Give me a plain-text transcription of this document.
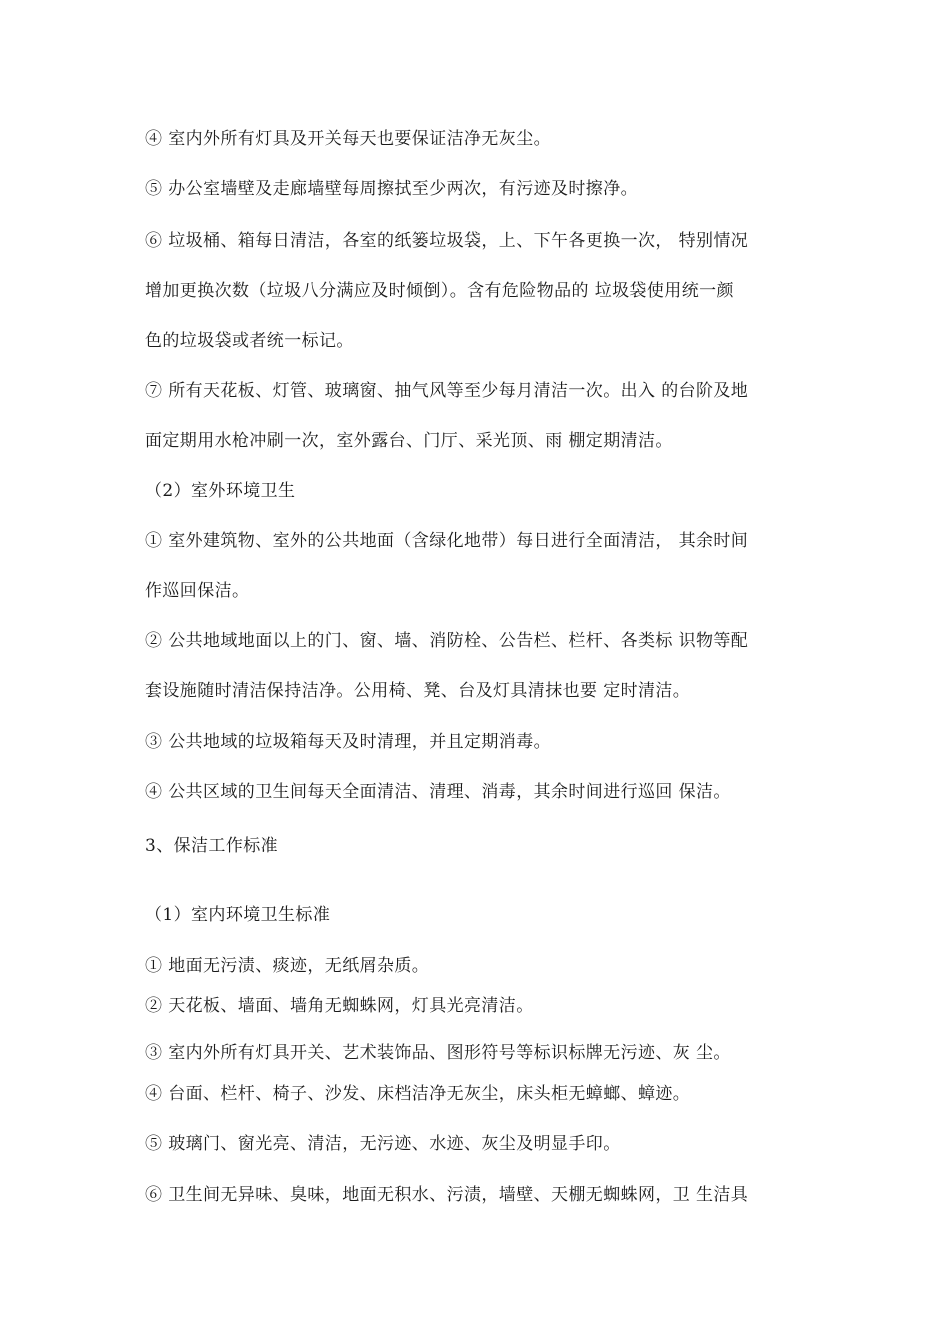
④ 室内外所有灯具及开关每天也要保证洁净无灰尘。
⑤ 办公室墙壁及走廊墙壁每周擦拭至少两次，有污迹及时擦净。
⑥ 垃圾桶、箱每日清洁，各室的纸篓垃圾袋，上、下午各更换一次， 特别情况
增加更换次数（垃圾八分满应及时倾倒）。含有危险物品的 垃圾袋使用统一颜
色的垃圾袋或者统一标记。
⑦ 所有天花板、灯管、玻璃窗、抽气风等至少每月清洁一次。出入 的台阶及地
面定期用水枪冲刷一次，室外露台、门厅、采光顶、雨 棚定期清洁。
（2）室外环境卫生
① 室外建筑物、室外的公共地面（含绿化地带）每日进行全面清洁， 其余时间
作巡回保洁。
② 公共地域地面以上的门、窗、墙、消防栓、公告栏、栏杆、各类标 识物等配
套设施随时清洁保持洁净。公用椅、凳、台及灯具清抹也要 定时清洁。
③ 公共地域的垃圾箱每天及时清理，并且定期消毒。
④ 公共区域的卫生间每天全面清洁、清理、消毒，其余时间进行巡回 保洁。
3、保洁工作标准
（1）室内环境卫生标准
① 地面无污渍、痰迹，无纸屑杂质。
② 天花板、墙面、墙角无蜘蛛网，灯具光亮清洁。
③ 室内外所有灯具开关、艺术装饰品、图形符号等标识标牌无污迹、灰 尘。
④ 台面、栏杆、椅子、沙发、床档洁净无灰尘，床头柜无蟑螂、蟑迹。
⑤ 玻璃门、窗光亮、清洁，无污迹、水迹、灰尘及明显手印。
⑥ 卫生间无异味、臭味，地面无积水、污渍，墙壁、天棚无蜘蛛网，卫 生洁具
